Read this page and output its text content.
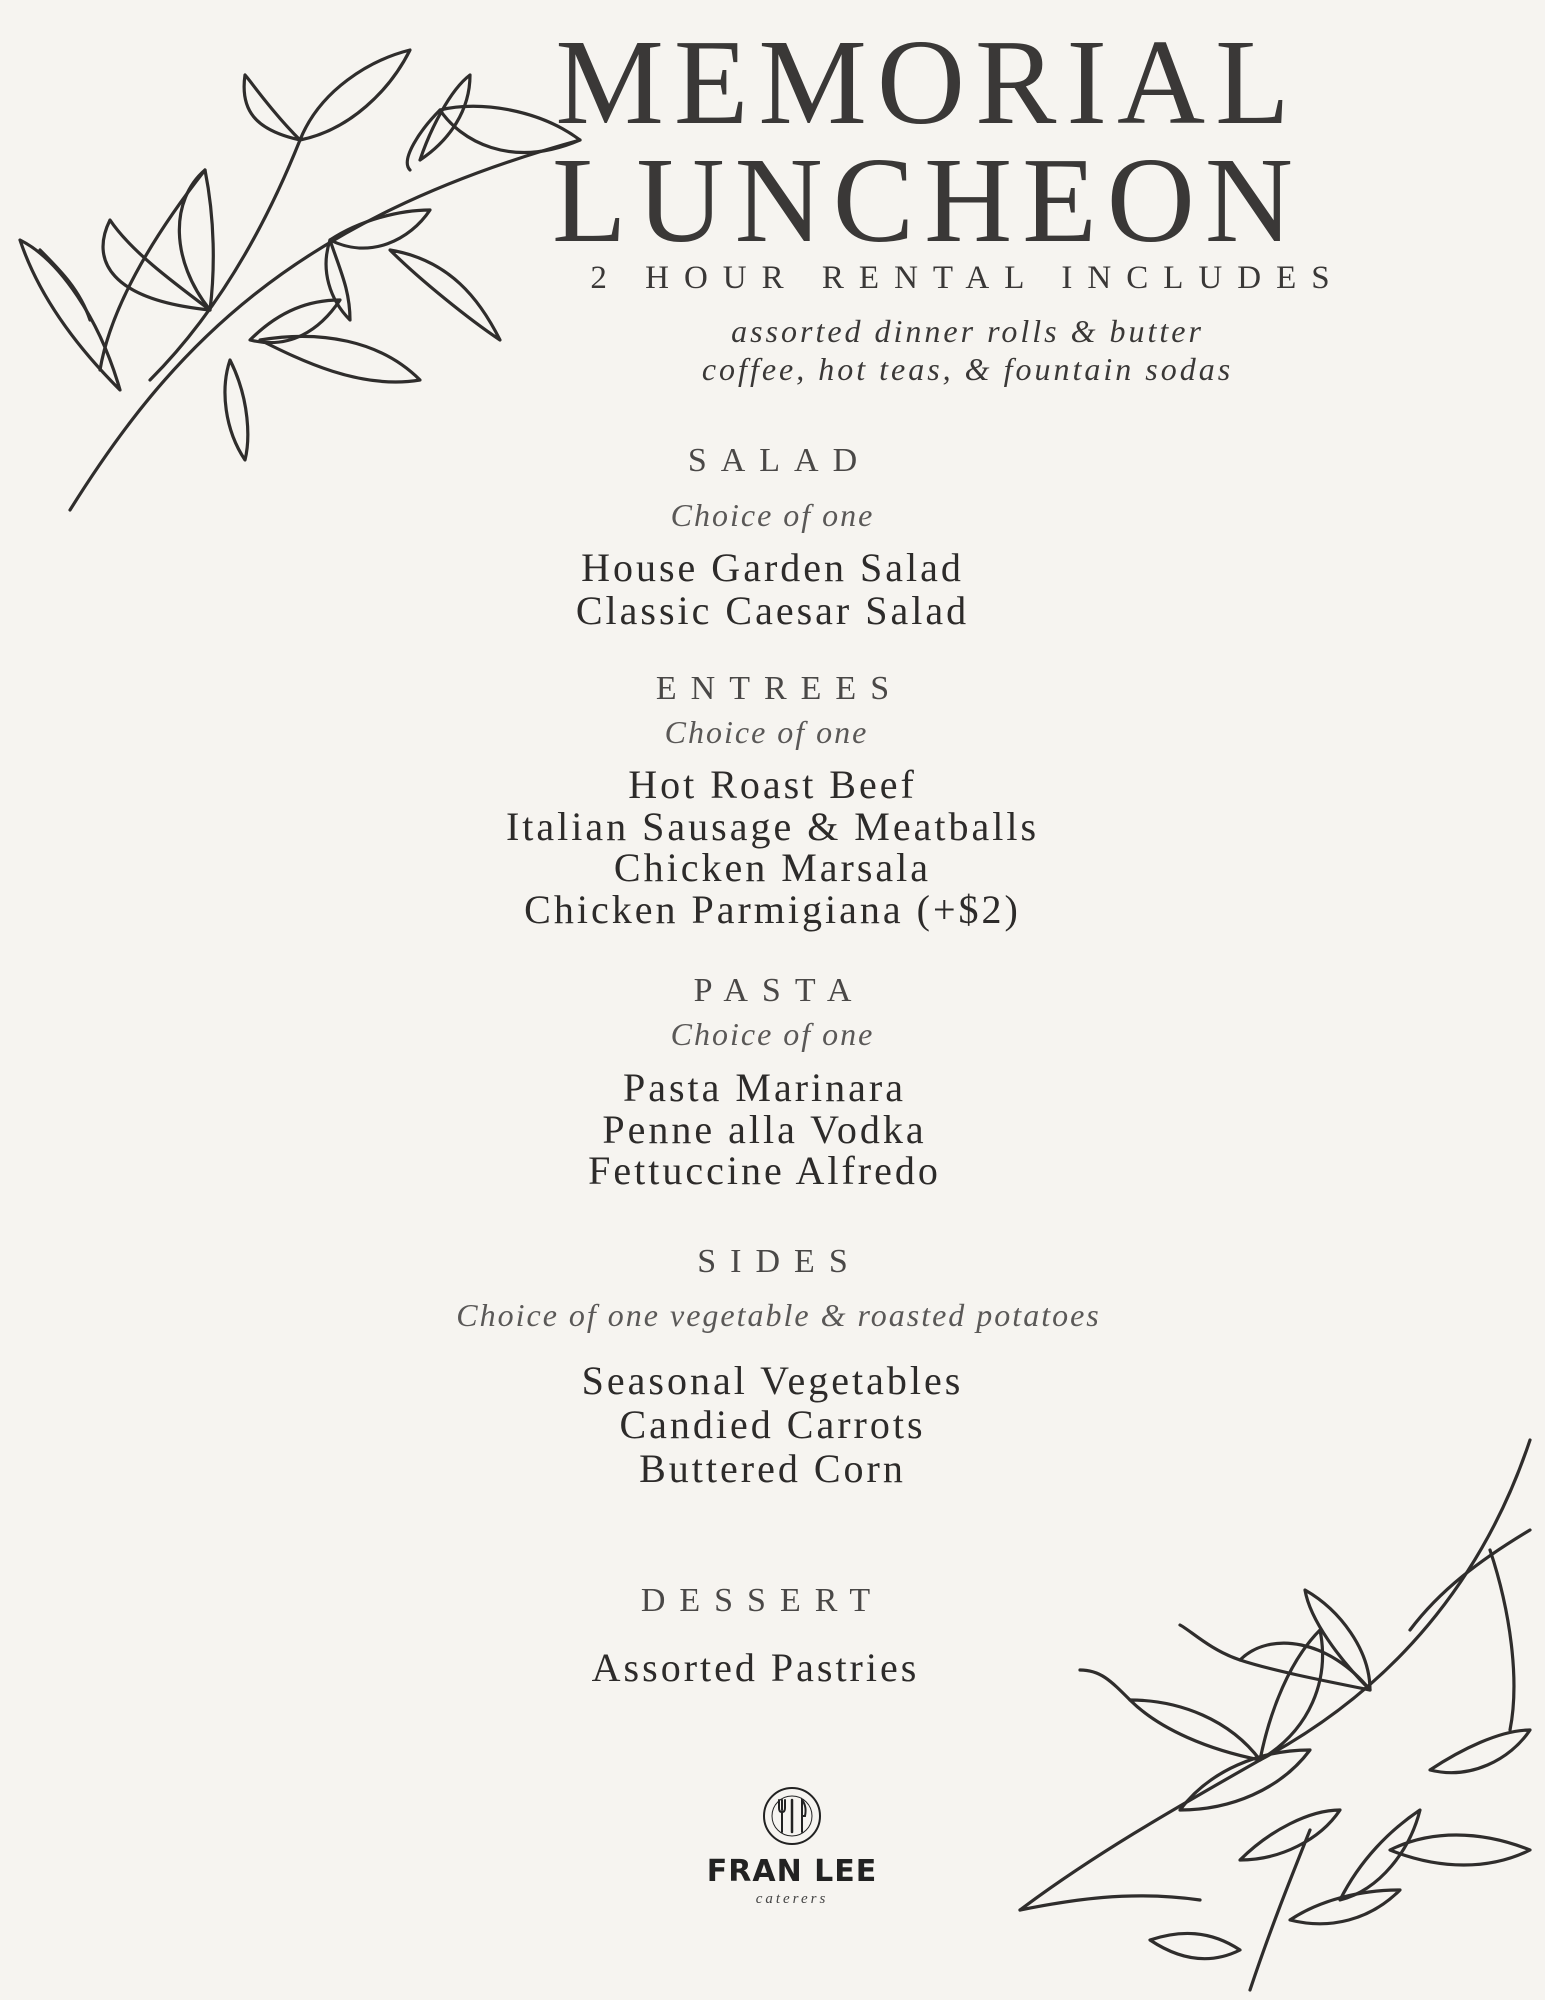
MEMORIAL
LUNCHEON
2 HOUR RENTAL INCLUDES
assorted dinner rolls & butter
coffee, hot teas, & fountain sodas
SALAD
Choice of one
House Garden Salad
Classic Caesar Salad
ENTREES
Choice of one
Hot Roast Beef
Italian Sausage & Meatballs
Chicken Marsala
Chicken Parmigiana (+$2)
PASTA
Choice of one
Pasta Marinara
Penne alla Vodka
Fettuccine Alfredo
SIDES
Choice of one vegetable & roasted potatoes
Seasonal Vegetables
Candied Carrots
Buttered Corn
DESSERT
Assorted Pastries
FRAN LEE
caterers
